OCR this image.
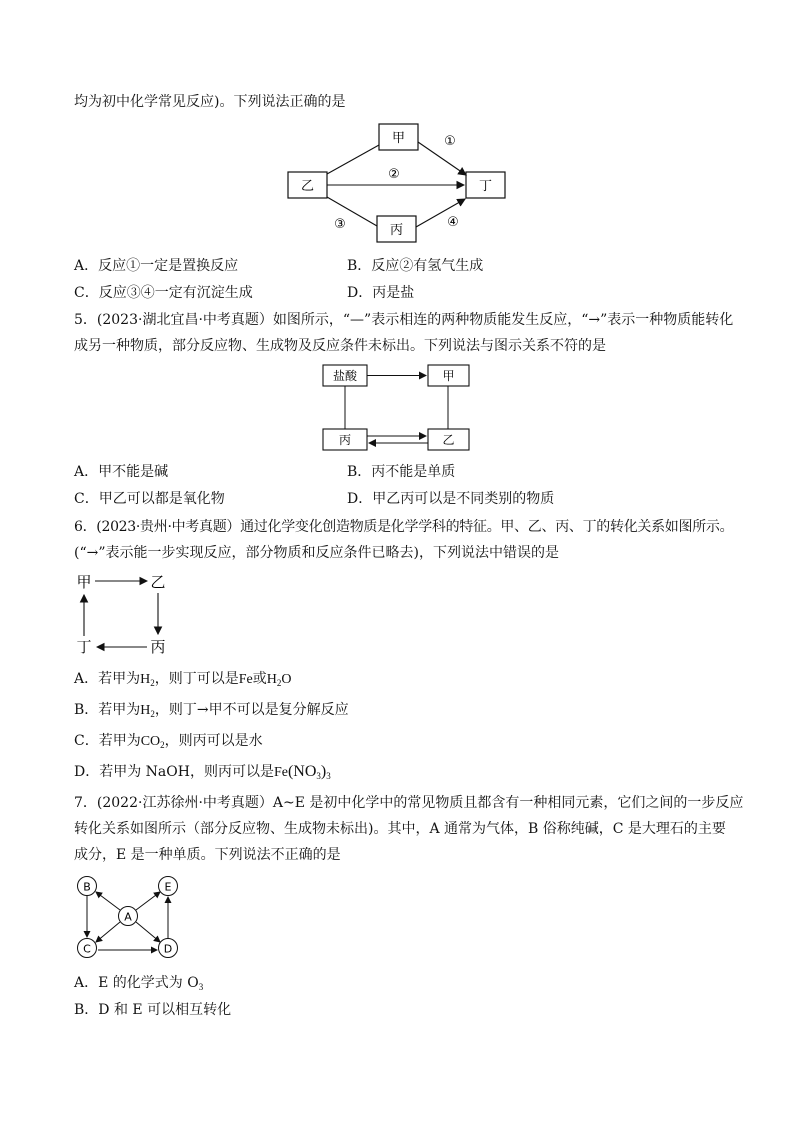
均为初中化学常见反应)。下列说法正确的是
甲
乙	丁
丙
①
②
③	④
A．反应①一定是置换反应	B．反应②有氢气生成
C．反应③④一定有沉淀生成	D．丙是盐
5．(2023·湖北宜昌·中考真题）如图所示，“—”表示相连的两种物质能发生反应，“→”表示一种物质能转化
成另一种物质，部分反应物、生成物及反应条件未标出。下列说法与图示关系不符的是
盐酸	甲
丙	乙
A．甲不能是碱	B．丙不能是单质
C．甲乙可以都是氧化物	D．甲乙丙可以是不同类别的物质
6．(2023·贵州·中考真题）通过化学变化创造物质是化学学科的特征。甲、乙、丙、丁的转化关系如图所示。
(“→”表示能一步实现反应，部分物质和反应条件已略去)，下列说法中错误的是
甲	乙
丁	丙
A．若甲为$H_2$，则丁可以是Fe或$H_2O$
B．若甲为$H_2$，则丁→甲不可以是复分解反应
C．若甲为$CO_2$，则丙可以是水
D．若甲为 NaOH，则丙可以是$Fe(NO_3)_3$
7．(2022·江苏徐州·中考真题）A~E 是初中化学中的常见物质且都含有一种相同元素，它们之间的一步反应
转化关系如图所示（部分反应物、生成物未标出)。其中，A 通常为气体，B 俗称纯碱，C 是大理石的主要
成分，E 是一种单质。下列说法不正确的是
B	E
A
C	D
A．E 的化学式为 $O_3$
B．D 和 E 可以相互转化
